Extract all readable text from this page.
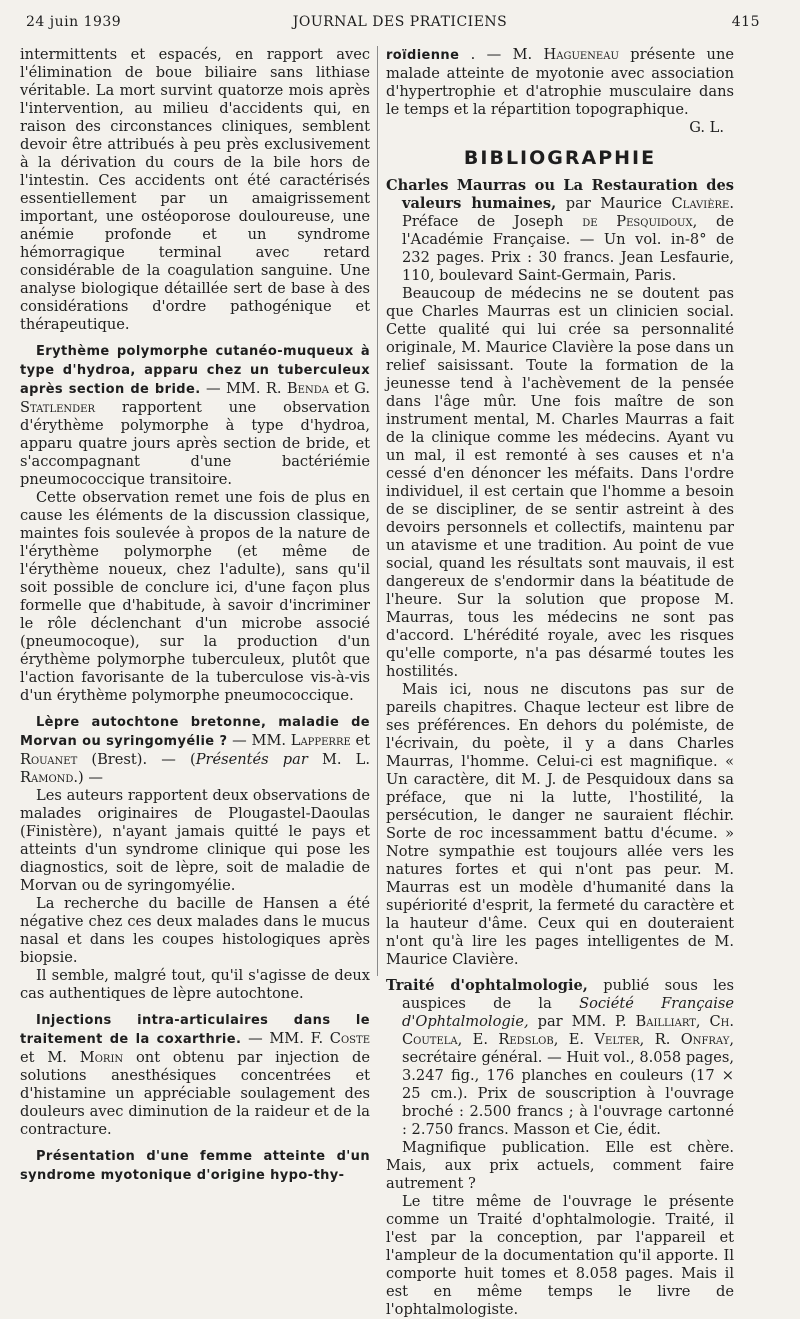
24 juin 1939	JOURNAL DES PRATICIENS	415

intermittents et espacés, en rapport avec l'élimination de boue biliaire sans lithiase véritable. La mort survint quatorze mois après l'intervention, au milieu d'accidents qui, en raison des circonstances cliniques, semblent devoir être attribués à peu près exclusivement à la dérivation du cours de la bile hors de l'intestin. Ces accidents ont été caractérisés essentiellement par un amaigrissement important, une ostéoporose douloureuse, une anémie profonde et un syndrome hémorragique terminal avec retard considérable de la coagulation sanguine. Une analyse biologique détaillée sert de base à des considérations d'ordre pathogénique et thérapeutique.

Erythème polymorphe cutanéo-muqueux à type d'hydroa, apparu chez un tuberculeux après section de bride. — MM. R. Benda et G. Statlender rapportent une observation d'érythème polymorphe à type d'hydroa, apparu quatre jours après section de bride, et s'accompagnant d'une bactériémie pneumococcique transitoire.

Cette observation remet une fois de plus en cause les éléments de la discussion classique, maintes fois soulevée à propos de la nature de l'érythème polymorphe (et même de l'érythème noueux, chez l'adulte), sans qu'il soit possible de conclure ici, d'une façon plus formelle que d'habitude, à savoir d'incriminer le rôle déclenchant d'un microbe associé (pneumocoque), sur la production d'un érythème polymorphe tuberculeux, plutôt que l'action favorisante de la tuberculose vis-à-vis d'un érythème polymorphe pneumococcique.

Lèpre autochtone bretonne, maladie de Morvan ou syringomyélie ? — MM. Lapperre et Rouanet (Brest). — (Présentés par M. L. Ramond.) —

Les auteurs rapportent deux observations de malades originaires de Plougastel-Daoulas (Finistère), n'ayant jamais quitté le pays et atteints d'un syndrome clinique qui pose les diagnostics, soit de lèpre, soit de maladie de Morvan ou de syringomyélie.

La recherche du bacille de Hansen a été négative chez ces deux malades dans le mucus nasal et dans les coupes histologiques après biopsie.

Il semble, malgré tout, qu'il s'agisse de deux cas authentiques de lèpre autochtone.

Injections intra-articulaires dans le traitement de la coxarthrie. — MM. F. Coste et M. Morin ont obtenu par injection de solutions anesthésiques concentrées et d'histamine un appréciable soulagement des douleurs avec diminution de la raideur et de la contracture.

Présentation d'une femme atteinte d'un syndrome myotonique d'origine hypo-thy-

roïdienne . — M. Hagueneau présente une malade atteinte de myotonie avec association d'hypertrophie et d'atrophie musculaire dans le temps et la répartition topographique.

G. L.

BIBLIOGRAPHIE

Charles Maurras ou La Restauration des valeurs humaines, par Maurice Clavière. Préface de Joseph de Pesquidoux, de l'Académie Française. — Un vol. in-8° de 232 pages. Prix : 30 francs. Jean Lesfaurie, 110, boulevard Saint-Germain, Paris.

Beaucoup de médecins ne se doutent pas que Charles Maurras est un clinicien social. Cette qualité qui lui crée sa personnalité originale, M. Maurice Clavière la pose dans un relief saisissant. Toute la formation de la jeunesse tend à l'achèvement de la pensée dans l'âge mûr. Une fois maître de son instrument mental, M. Charles Maurras a fait de la clinique comme les médecins. Ayant vu un mal, il est remonté à ses causes et n'a cessé d'en dénoncer les méfaits. Dans l'ordre individuel, il est certain que l'homme a besoin de se discipliner, de se sentir astreint à des devoirs personnels et collectifs, maintenu par un atavisme et une tradition. Au point de vue social, quand les résultats sont mauvais, il est dangereux de s'endormir dans la béatitude de l'heure. Sur la solution que propose M. Maurras, tous les médecins ne sont pas d'accord. L'hérédité royale, avec les risques qu'elle comporte, n'a pas désarmé toutes les hostilités.

Mais ici, nous ne discutons pas sur de pareils chapitres. Chaque lecteur est libre de ses préférences. En dehors du polémiste, de l'écrivain, du poète, il y a dans Charles Maurras, l'homme. Celui-ci est magnifique. « Un caractère, dit M. J. de Pesquidoux dans sa préface, que ni la lutte, l'hostilité, la persécution, le danger ne sauraient fléchir. Sorte de roc incessamment battu d'écume. » Notre sympathie est toujours allée vers les natures fortes et qui n'ont pas peur. M. Maurras est un modèle d'humanité dans la supériorité d'esprit, la fermeté du caractère et la hauteur d'âme. Ceux qui en douteraient n'ont qu'à lire les pages intelligentes de M. Maurice Clavière.

Traité d'ophtalmologie, publié sous les auspices de la Société Française d'Ophtalmologie, par MM. P. Bailliart, Ch. Coutela, E. Redslob, E. Velter, R. Onfray, secrétaire général. — Huit vol., 8.058 pages, 3.247 fig., 176 planches en couleurs (17 × 25 cm.). Prix de souscription à l'ouvrage broché : 2.500 francs ; à l'ouvrage cartonné : 2.750 francs. Masson et Cie, édit.

Magnifique publication. Elle est chère. Mais, aux prix actuels, comment faire autrement ?

Le titre même de l'ouvrage le présente comme un Traité d'ophtalmologie. Traité, il l'est par la conception, par l'appareil et l'ampleur de la documentation qu'il apporte. Il comporte huit tomes et 8.058 pages. Mais il est en même temps le livre de l'ophtalmologiste.
